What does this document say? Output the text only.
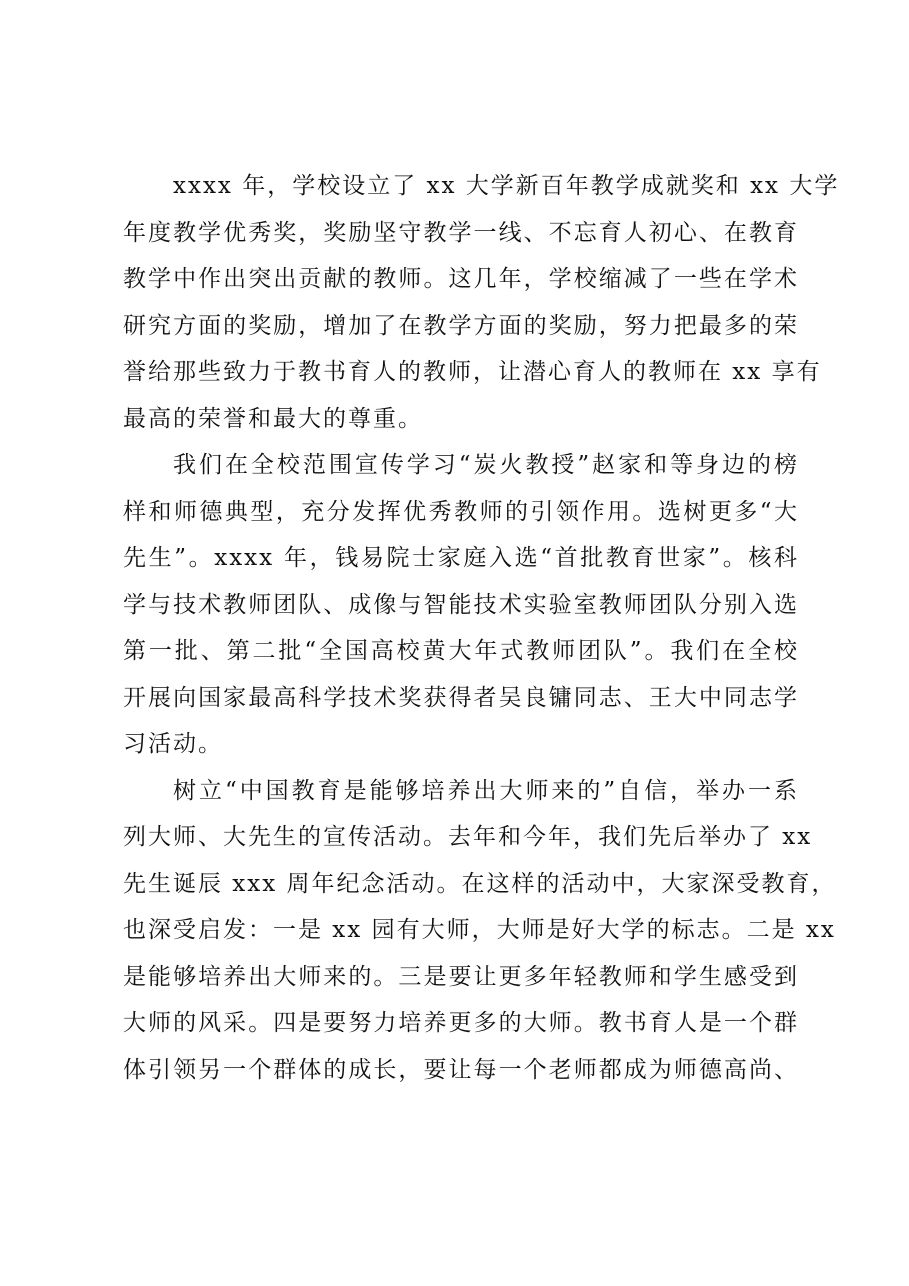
xxxx 年，学校设立了 xx 大学新百年教学成就奖和 xx 大学
年度教学优秀奖，奖励坚守教学一线、不忘育人初心、在教育
教学中作出突出贡献的教师。这几年，学校缩减了一些在学术
研究方面的奖励，增加了在教学方面的奖励，努力把最多的荣
誉给那些致力于教书育人的教师，让潜心育人的教师在 xx 享有
最高的荣誉和最大的尊重。

我们在全校范围宣传学习“炭火教授”赵家和等身边的榜
样和师德典型，充分发挥优秀教师的引领作用。选树更多“大
先生”。xxxx 年，钱易院士家庭入选“首批教育世家”。核科
学与技术教师团队、成像与智能技术实验室教师团队分别入选
第一批、第二批“全国高校黄大年式教师团队”。我们在全校
开展向国家最高科学技术奖获得者吴良镛同志、王大中同志学
习活动。

树立“中国教育是能够培养出大师来的”自信，举办一系
列大师、大先生的宣传活动。去年和今年，我们先后举办了 xx
先生诞辰 xxx 周年纪念活动。在这样的活动中，大家深受教育，
也深受启发：一是 xx 园有大师，大师是好大学的标志。二是 xx
是能够培养出大师来的。三是要让更多年轻教师和学生感受到
大师的风采。四是要努力培养更多的大师。教书育人是一个群
体引领另一个群体的成长，要让每一个老师都成为师德高尚、
